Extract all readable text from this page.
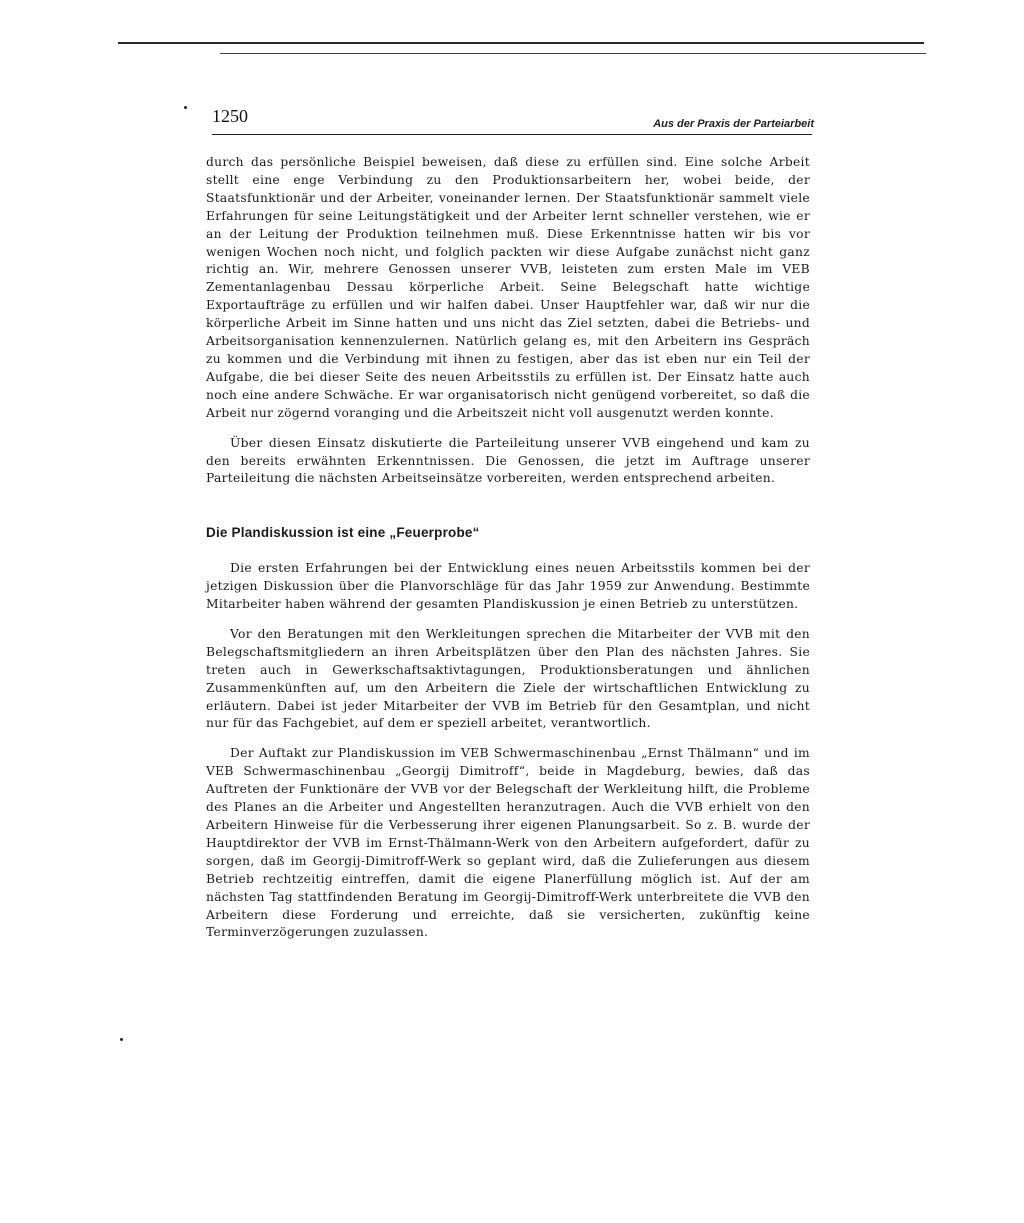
1250	Aus der Praxis der Parteiarbeit

durch das persönliche Beispiel beweisen, daß diese zu erfüllen sind. Eine solche Arbeit stellt eine enge Verbindung zu den Produktionsarbeitern her, wobei beide, der Staatsfunktionär und der Arbeiter, voneinander lernen. Der Staatsfunktionär sammelt viele Erfahrungen für seine Leitungstätigkeit und der Arbeiter lernt schneller verstehen, wie er an der Leitung der Produktion teilnehmen muß. Diese Erkenntnisse hatten wir bis vor wenigen Wochen noch nicht, und folglich packten wir diese Aufgabe zunächst nicht ganz richtig an. Wir, mehrere Genossen unserer VVB, leisteten zum ersten Male im VEB Zementanlagenbau Dessau körperliche Arbeit. Seine Belegschaft hatte wichtige Exportaufträge zu erfüllen und wir halfen dabei. Unser Hauptfehler war, daß wir nur die körperliche Arbeit im Sinne hatten und uns nicht das Ziel setzten, dabei die Betriebs- und Arbeitsorganisation kennenzulernen. Natürlich gelang es, mit den Arbeitern ins Gespräch zu kommen und die Verbindung mit ihnen zu festigen, aber das ist eben nur ein Teil der Aufgabe, die bei dieser Seite des neuen Arbeitsstils zu erfüllen ist. Der Einsatz hatte auch noch eine andere Schwäche. Er war organisatorisch nicht genügend vorbereitet, so daß die Arbeit nur zögernd voranging und die Arbeitszeit nicht voll ausgenutzt werden konnte.

Über diesen Einsatz diskutierte die Parteileitung unserer VVB eingehend und kam zu den bereits erwähnten Erkenntnissen. Die Genossen, die jetzt im Auftrage unserer Parteileitung die nächsten Arbeitseinsätze vorbereiten, werden entsprechend arbeiten.

Die Plandiskussion ist eine „Feuerprobe“

Die ersten Erfahrungen bei der Entwicklung eines neuen Arbeitsstils kommen bei der jetzigen Diskussion über die Planvorschläge für das Jahr 1959 zur Anwendung. Bestimmte Mitarbeiter haben während der gesamten Plandiskussion je einen Betrieb zu unterstützen.

Vor den Beratungen mit den Werkleitungen sprechen die Mitarbeiter der VVB mit den Belegschaftsmitgliedern an ihren Arbeitsplätzen über den Plan des nächsten Jahres. Sie treten auch in Gewerkschaftsaktivtagungen, Produktionsberatungen und ähnlichen Zusammenkünften auf, um den Arbeitern die Ziele der wirtschaftlichen Entwicklung zu erläutern. Dabei ist jeder Mitarbeiter der VVB im Betrieb für den Gesamtplan, und nicht nur für das Fachgebiet, auf dem er speziell arbeitet, verantwortlich.

Der Auftakt zur Plandiskussion im VEB Schwermaschinenbau „Ernst Thälmann“ und im VEB Schwermaschinenbau „Georgij Dimitroff“, beide in Magdeburg, bewies, daß das Auftreten der Funktionäre der VVB vor der Belegschaft der Werkleitung hilft, die Probleme des Planes an die Arbeiter und Angestellten heranzutragen. Auch die VVB erhielt von den Arbeitern Hinweise für die Verbesserung ihrer eigenen Planungsarbeit. So z. B. wurde der Hauptdirektor der VVB im Ernst-Thälmann-Werk von den Arbeitern aufgefordert, dafür zu sorgen, daß im Georgij-Dimitroff-Werk so geplant wird, daß die Zulieferungen aus diesem Betrieb rechtzeitig eintreffen, damit die eigene Planerfüllung möglich ist. Auf der am nächsten Tag stattfindenden Beratung im Georgij-Dimitroff-Werk unterbreitete die VVB den Arbeitern diese Forderung und erreichte, daß sie versicherten, zukünftig keine Terminverzögerungen zuzulassen.
